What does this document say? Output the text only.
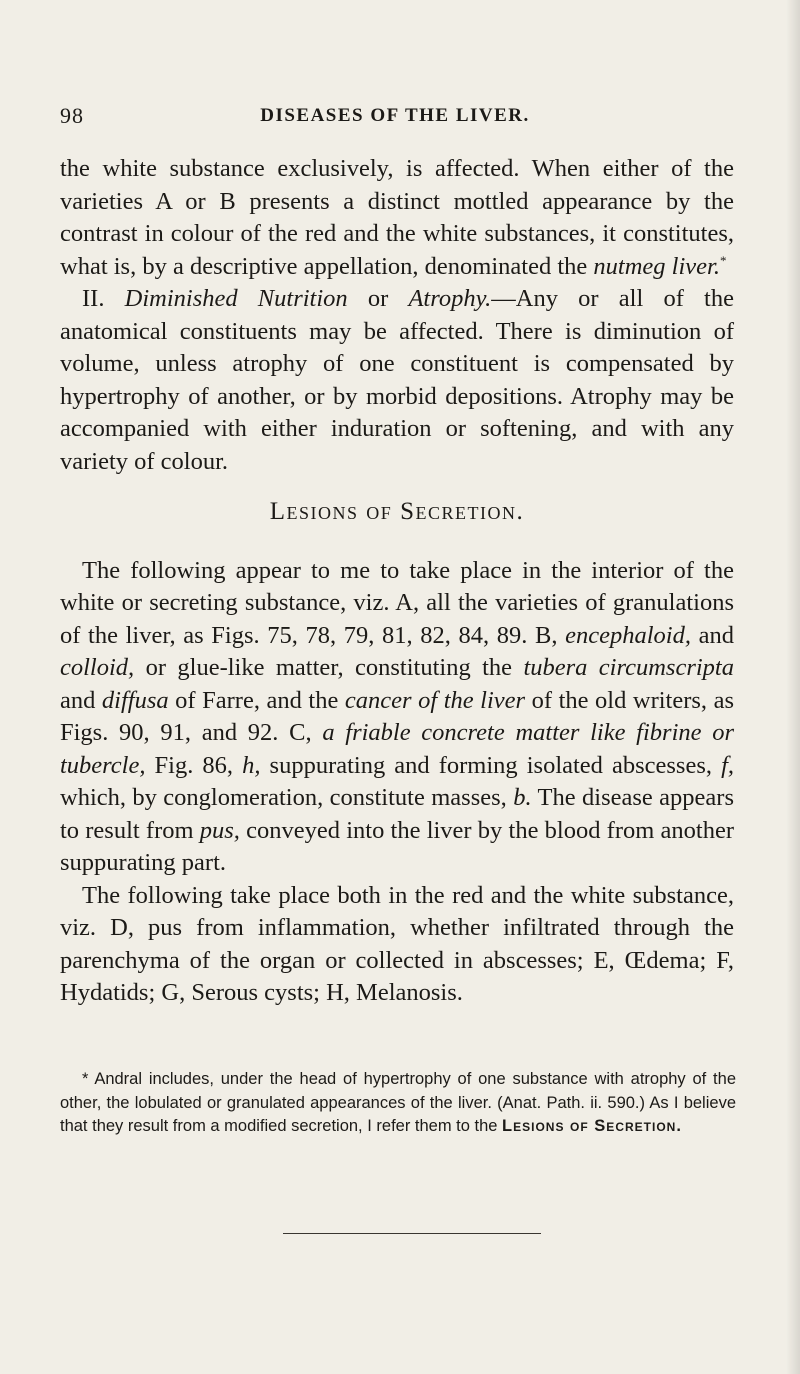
98	DISEASES OF THE LIVER.

the white substance exclusively, is affected. When either of the varieties A or B presents a distinct mottled appearance by the contrast in colour of the red and the white substances, it constitutes, what is, by a descriptive appellation, denominated the nutmeg liver.*

II. Diminished Nutrition or Atrophy.—Any or all of the anatomical constituents may be affected. There is diminution of volume, unless atrophy of one constituent is compensated by hypertrophy of another, or by morbid depositions. Atrophy may be accompanied with either induration or softening, and with any variety of colour.

Lesions of Secretion.

The following appear to me to take place in the interior of the white or secreting substance, viz. A, all the varieties of granulations of the liver, as Figs. 75, 78, 79, 81, 82, 84, 89. B, encephaloid, and colloid, or glue-like matter, constituting the tubera circumscripta and diffusa of Farre, and the cancer of the liver of the old writers, as Figs. 90, 91, and 92. C, a friable concrete matter like fibrine or tubercle, Fig. 86, h, suppurating and forming isolated abscesses, f, which, by conglomeration, constitute masses, b. The disease appears to result from pus, conveyed into the liver by the blood from another suppurating part.

The following take place both in the red and the white substance, viz. D, pus from inflammation, whether infiltrated through the parenchyma of the organ or collected in abscesses; E, Œdema; F, Hydatids; G, Serous cysts; H, Melanosis.

* Andral includes, under the head of hypertrophy of one substance with atrophy of the other, the lobulated or granulated appearances of the liver. (Anat. Path. ii. 590.) As I believe that they result from a modified secretion, I refer them to the Lesions of Secretion.
